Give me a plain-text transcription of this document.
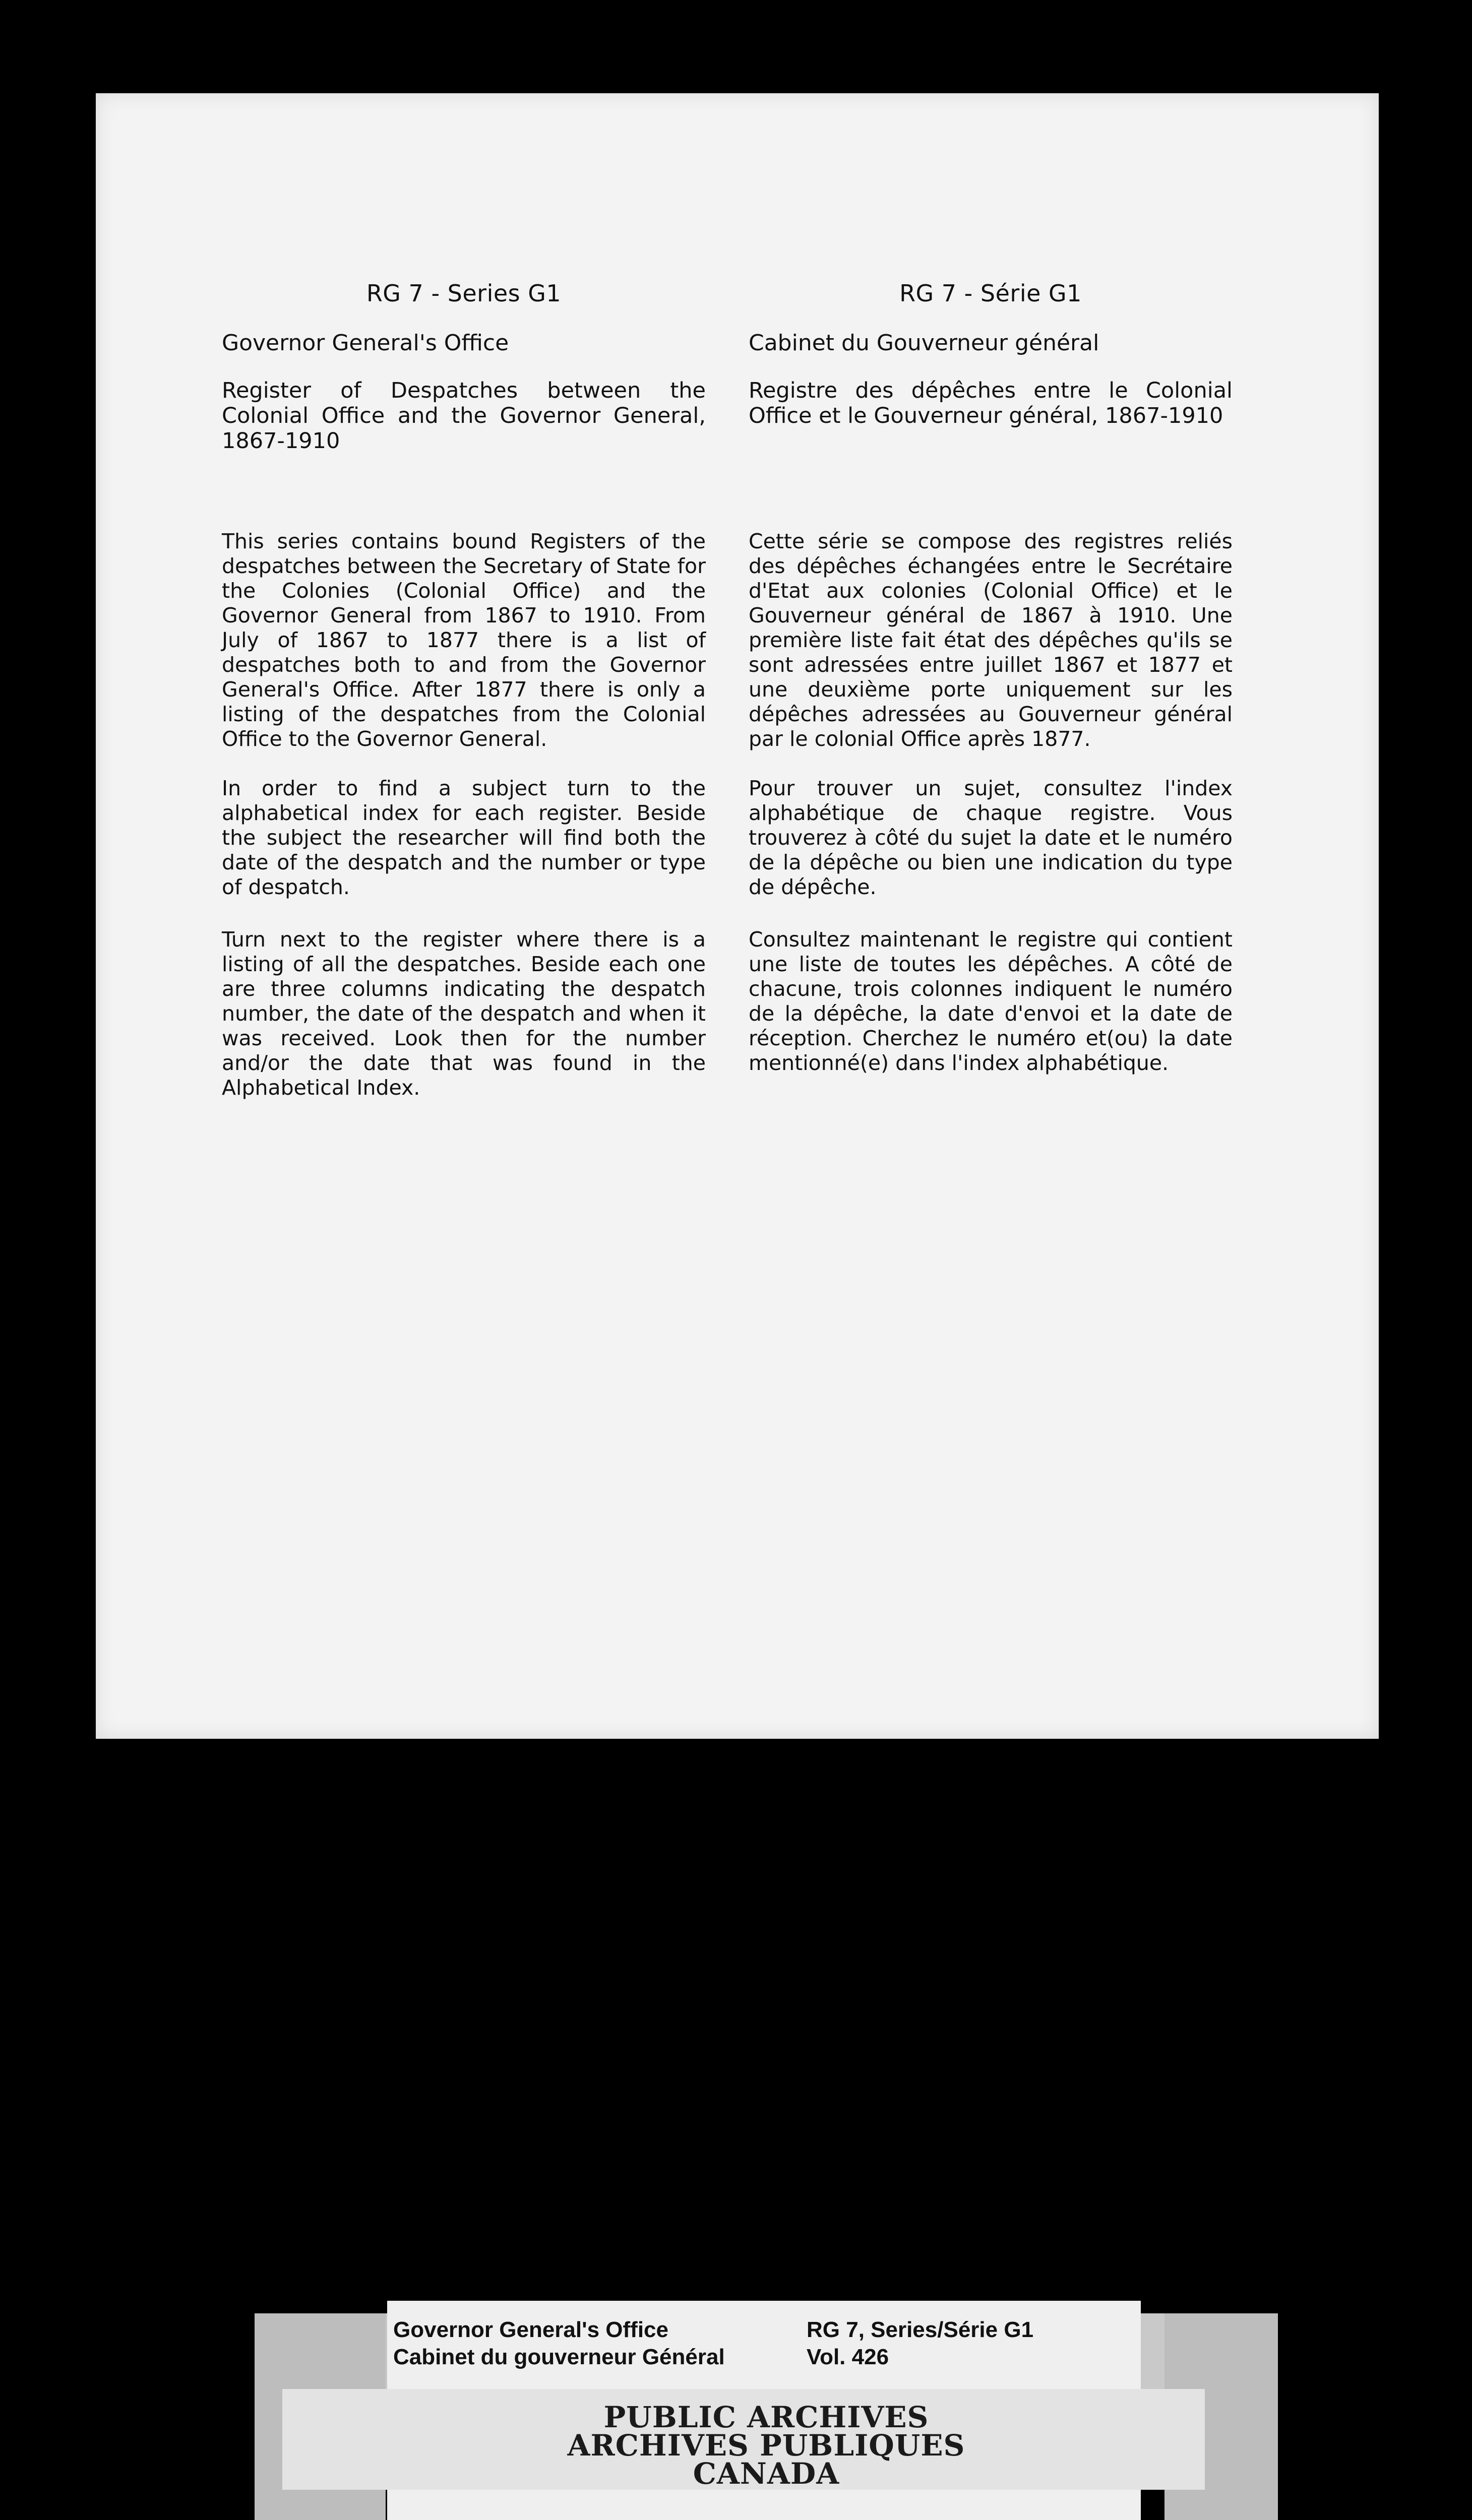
RG 7 - Series G1
Governor General's Office
Register of Despatches between the Colonial Office and the Governor General, 1867-1910

This series contains bound Registers of the despatches between the Secretary of State for the Colonies (Colonial Office) and the Governor General from 1867 to 1910. From July of 1867 to 1877 there is a list of despatches both to and from the Governor General's Office. After 1877 there is only a listing of the despatches from the Colonial Office to the Governor General.

In order to find a subject turn to the alphabetical index for each register. Beside the subject the researcher will find both the date of the despatch and the number or type of despatch.

Turn next to the register where there is a listing of all the despatches. Beside each one are three columns indicating the despatch number, the date of the despatch and when it was received. Look then for the number and/or the date that was found in the Alphabetical Index.

RG 7 - Série G1
Cabinet du Gouverneur général
Registre des dépêches entre le Colonial Office et le Gouverneur général, 1867-1910

Cette série se compose des registres reliés des dépêches échangées entre le Secrétaire d'Etat aux colonies (Colonial Office) et le Gouverneur général de 1867 à 1910. Une première liste fait état des dépêches qu'ils se sont adressées entre juillet 1867 et 1877 et une deuxième porte uniquement sur les dépêches adressées au Gouverneur général par le colonial Office après 1877.

Pour trouver un sujet, consultez l'index alphabétique de chaque registre. Vous trouverez à côté du sujet la date et le numéro de la dépêche ou bien une indication du type de dépêche.

Consultez maintenant le registre qui contient une liste de toutes les dépêches. A côté de chacune, trois colonnes indiquent le numéro de la dépêche, la date d'envoi et la date de réception. Cherchez le numéro et(ou) la date mentionné(e) dans l'index alphabétique.

Governor General's Office
Cabinet du gouverneur Général
RG 7, Series/Série G1
Vol. 426
PUBLIC ARCHIVES
ARCHIVES PUBLIQUES
CANADA
